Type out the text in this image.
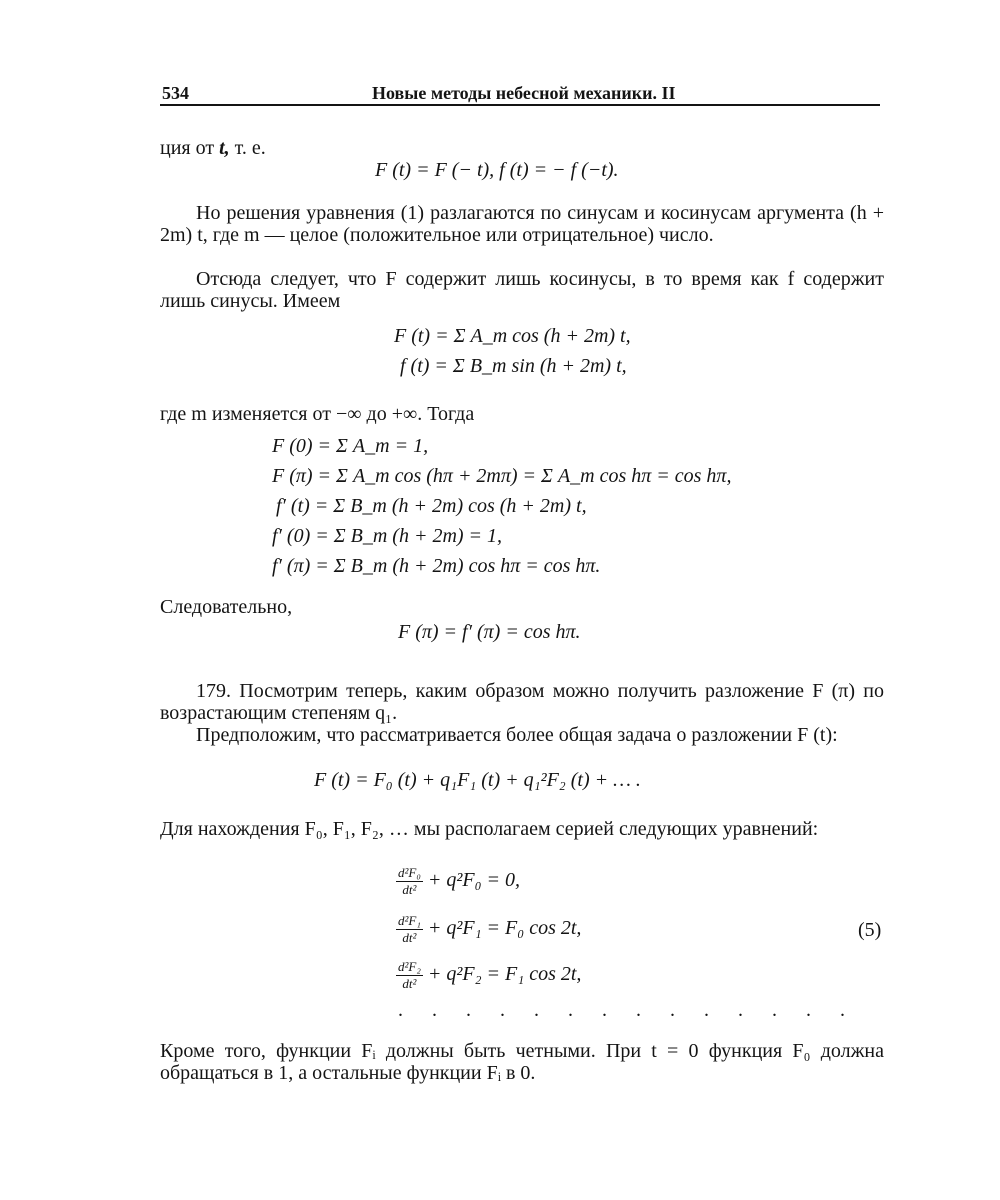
534	Новые методы небесной механики. II
ция от t, т. е.
F (t) = F (− t), f (t) = − f (−t).
Но решения уравнения (1) разлагаются по синусам и косинусам аргумента (h + 2m) t, где m — целое (положительное или отрицательное) число.
Отсюда следует, что F содержит лишь косинусы, в то время как f содержит лишь синусы. Имеем
F (t) = Σ A_m cos (h + 2m) t,
f (t) = Σ B_m sin (h + 2m) t,
где m изменяется от −∞ до +∞. Тогда
F (0) = Σ A_m = 1,
F (π) = Σ A_m cos (hπ + 2mπ) = Σ A_m cos hπ = cos hπ,
f′ (t) = Σ B_m (h + 2m) cos (h + 2m) t,
f′ (0) = Σ B_m (h + 2m) = 1,
f′ (π) = Σ B_m (h + 2m) cos hπ = cos hπ.
Следовательно,
F (π) = f′ (π) = cos hπ.
179. Посмотрим теперь, каким образом можно получить разложение F (π) по возрастающим степеням q₁.
Предположим, что рассматривается более общая задача о разложении F (t):
F (t) = F₀ (t) + q₁F₁ (t) + q₁²F₂ (t) + … .
Для нахождения F₀, F₁, F₂, … мы располагаем серией следующих уравнений:
$\frac{\text{d²F₀}}{\text{dt²}} + q^2F_0 = 0$,
$\frac{\text{d²F₁}}{\text{dt²}} + q^2F_1 = F_0$ cos 2t,
$\frac{\text{d²F₂}}{\text{dt²}} + q^2F_2 = F_1$ cos 2t,
. . . . . . . . . . . . . .
(5)
Кроме того, функции Fᵢ должны быть четными. При t = 0 функция F₀ должна обращаться в 1, а остальные функции Fᵢ в 0.
